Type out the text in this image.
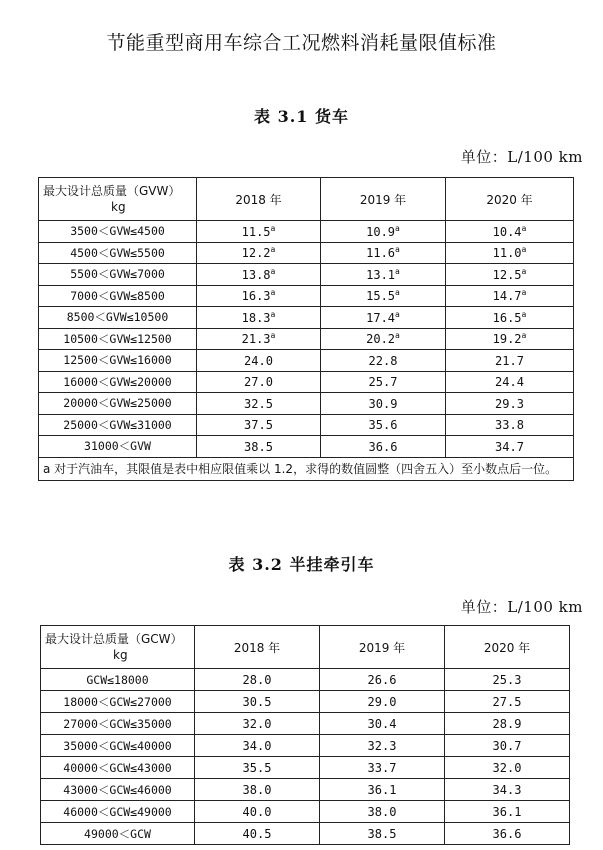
节能重型商用车综合工况燃料消耗量限值标准
表 3.1 货车
单位：L/100 km
最大设计总质量（GVW）
kg	2018 年	2019 年	2020 年
3500＜GVW≤4500	11.5$^a$	10.9$^a$	10.4$^a$
4500＜GVW≤5500	12.2$^a$	11.6$^a$	11.0$^a$
5500＜GVW≤7000	13.8$^a$	13.1$^a$	12.5$^a$
7000＜GVW≤8500	16.3$^a$	15.5$^a$	14.7$^a$
8500＜GVW≤10500	18.3$^a$	17.4$^a$	16.5$^a$
10500＜GVW≤12500	21.3$^a$	20.2$^a$	19.2$^a$
12500＜GVW≤16000	24.0	22.8	21.7
16000＜GVW≤20000	27.0	25.7	24.4
20000＜GVW≤25000	32.5	30.9	29.3
25000＜GVW≤31000	37.5	35.6	33.8
31000＜GVW	38.5	36.6	34.7
a 对于汽油车，其限值是表中相应限值乘以 1.2，求得的数值圆整（四舍五入）至小数点后一位。			
表 3.2 半挂牵引车
单位：L/100 km
最大设计总质量（GCW）
kg	2018 年	2019 年	2020 年
GCW≤18000	28.0	26.6	25.3
18000＜GCW≤27000	30.5	29.0	27.5
27000＜GCW≤35000	32.0	30.4	28.9
35000＜GCW≤40000	34.0	32.3	30.7
40000＜GCW≤43000	35.5	33.7	32.0
43000＜GCW≤46000	38.0	36.1	34.3
46000＜GCW≤49000	40.0	38.0	36.1
49000＜GCW	40.5	38.5	36.6
